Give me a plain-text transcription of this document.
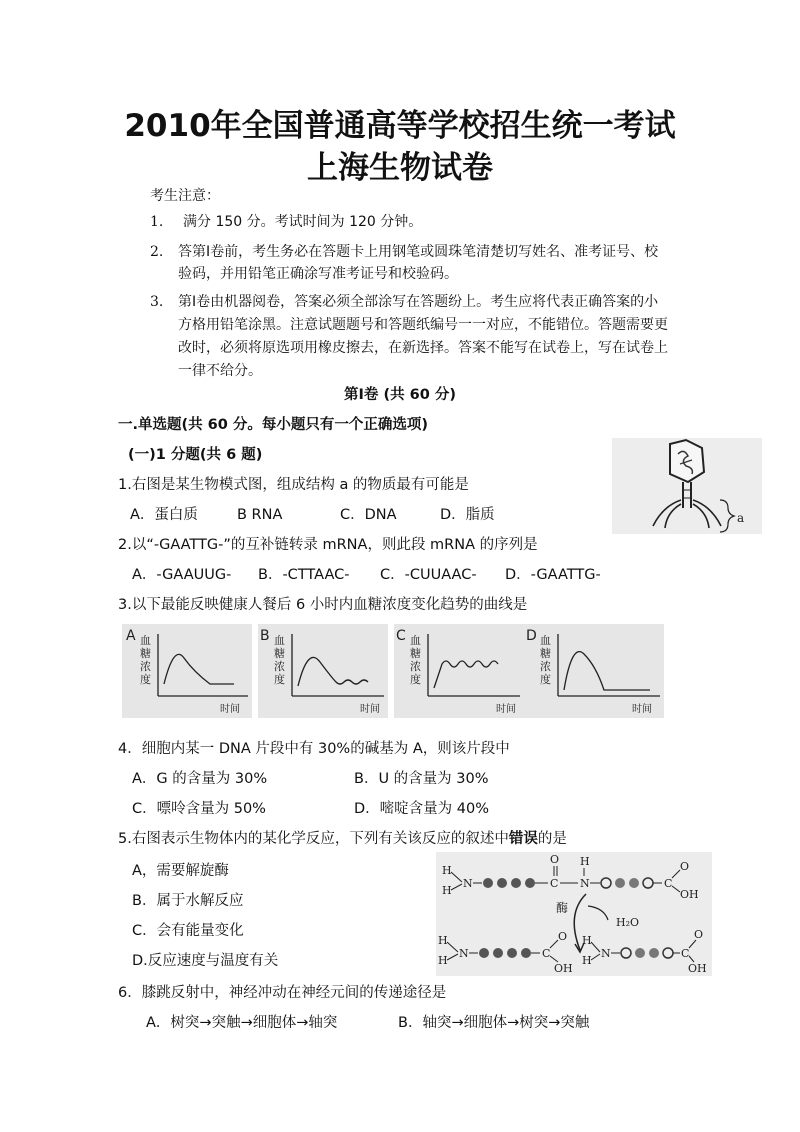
2010年全国普通高等学校招生统一考试
上海生物试卷
考生注意：
1. 满分 150 分。考试时间为 120 分钟。
2. 答第Ⅰ卷前，考生务必在答题卡上用钢笔或圆珠笔清楚切写姓名、准考证号、校
验码，并用铅笔正确涂写准考证号和校验码。
3. 第Ⅰ卷由机器阅卷，答案必须全部涂写在答题纷上。考生应将代表正确答案的小
方格用铅笔涂黑。注意试题题号和答题纸编号一一对应，不能错位。答题需要更
改时，必须将原选项用橡皮擦去，在新选择。答案不能写在试卷上，写在试卷上
一律不给分。
第Ⅰ卷 (共 60 分)
一.单选题(共 60 分。每小题只有一个正确选项)
(一)1 分题(共 6 题)
1.右图是某生物模式图，组成结构 a 的物质最有可能是
A．蛋白质	B RNA	C．DNA	D．脂质	a
2.以“-GAATTG-”的互补链转录 mRNA，则此段 mRNA 的序列是
A．-GAAUUG- B．-CTTAAC- C．-CUUAAC- D．-GAATTG-
3.以下最能反映健康人餐后 6 小时内血糖浓度变化趋势的曲线是
A 血
糖
浓
度
时间
B 血
糖
浓
度
时间
C 血
糖
浓
度
时间
D 血
糖
浓
度
时间
4．细胞内某一 DNA 片段中有 30%的碱基为 A，则该片段中
A．G 的含量为 30%	B．U 的含量为 30%
C．嘌呤含量为 50%	D．嘧啶含量为 40%
5.右图表示生物体内的某化学反应，下列有关该反应的叙述中错误的是
A，需要解旋酶
B．属于水解反应
C．会有能量变化
D.反应速度与温度有关
H
H
N	C
O
N
H
C
O
OH
酶
H₂O
H
H
N	C
O
OH
H
H
N	C
O
OH
6．膝跳反射中，神经冲动在神经元间的传递途径是
A．树突→突触→细胞体→轴突	B．轴突→细胞体→树突→突触
